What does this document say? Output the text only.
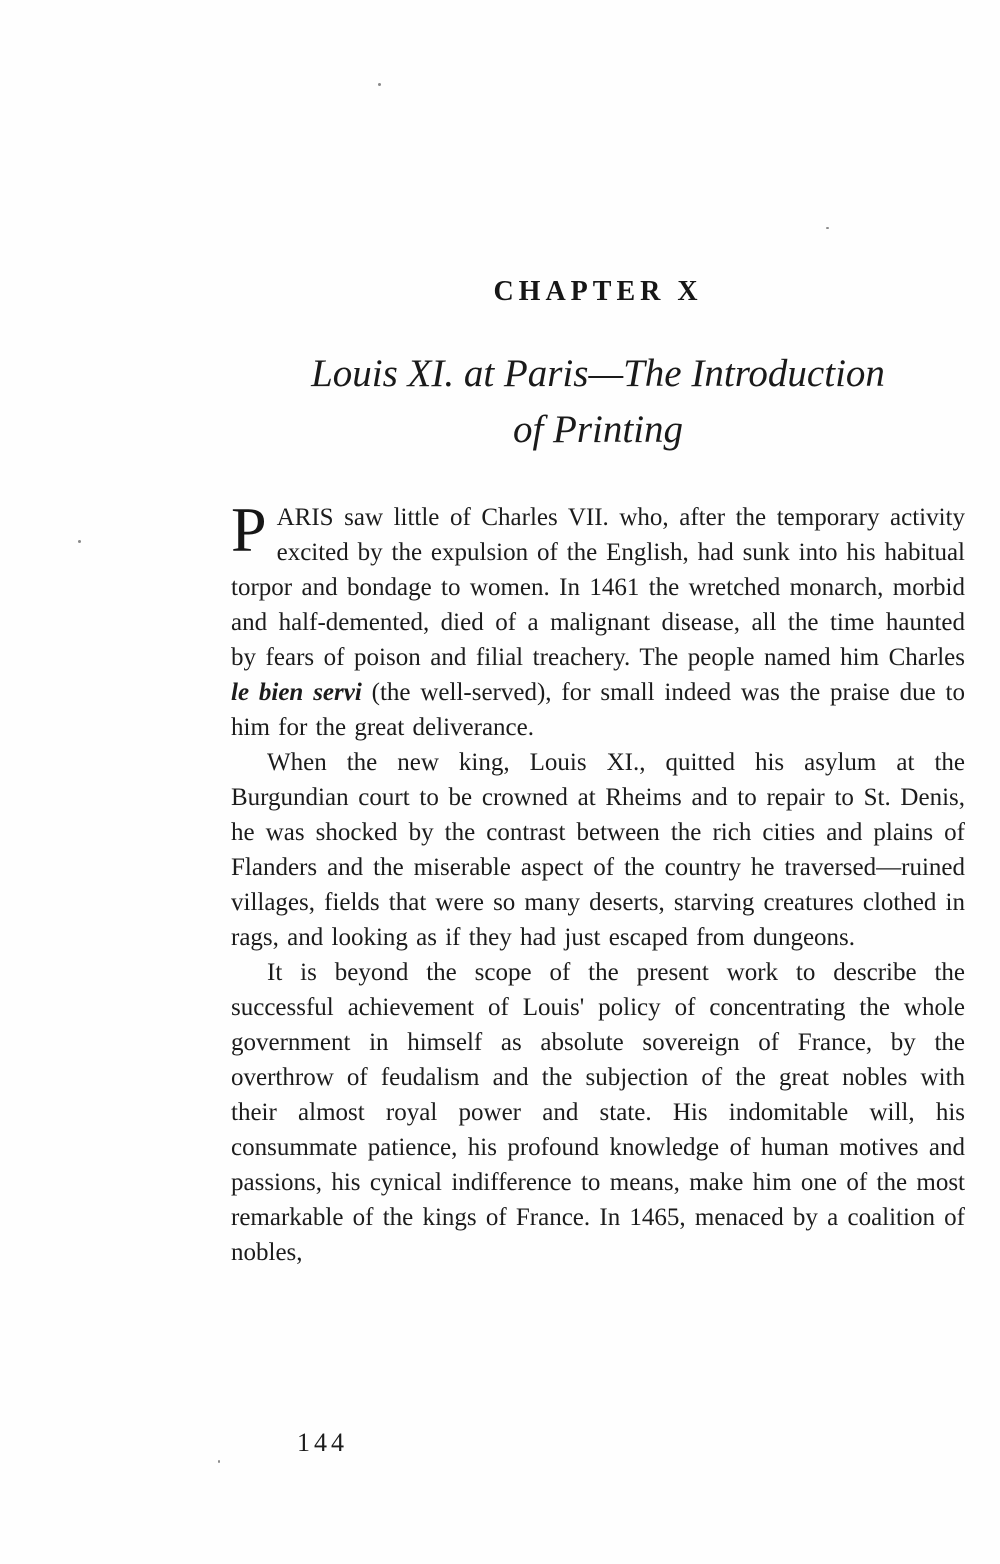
CHAPTER X
Louis XI. at Paris—The Introduction
of Printing

PARIS saw little of Charles VII. who, after the temporary activity excited by the expulsion of the English, had sunk into his habitual torpor and bondage to women. In 1461 the wretched monarch, morbid and half-demented, died of a malignant disease, all the time haunted by fears of poison and filial treachery. The people named him Charles le bien servi (the well-served), for small indeed was the praise due to him for the great deliverance.

When the new king, Louis XI., quitted his asylum at the Burgundian court to be crowned at Rheims and to repair to St. Denis, he was shocked by the contrast between the rich cities and plains of Flanders and the miserable aspect of the country he traversed—ruined villages, fields that were so many deserts, starving creatures clothed in rags, and looking as if they had just escaped from dungeons.

It is beyond the scope of the present work to describe the successful achievement of Louis' policy of concentrating the whole government in himself as absolute sovereign of France, by the overthrow of feudalism and the subjection of the great nobles with their almost royal power and state. His indomitable will, his consummate patience, his profound knowledge of human motives and passions, his cynical indifference to means, make him one of the most remarkable of the kings of France. In 1465, menaced by a coalition of nobles,

144
